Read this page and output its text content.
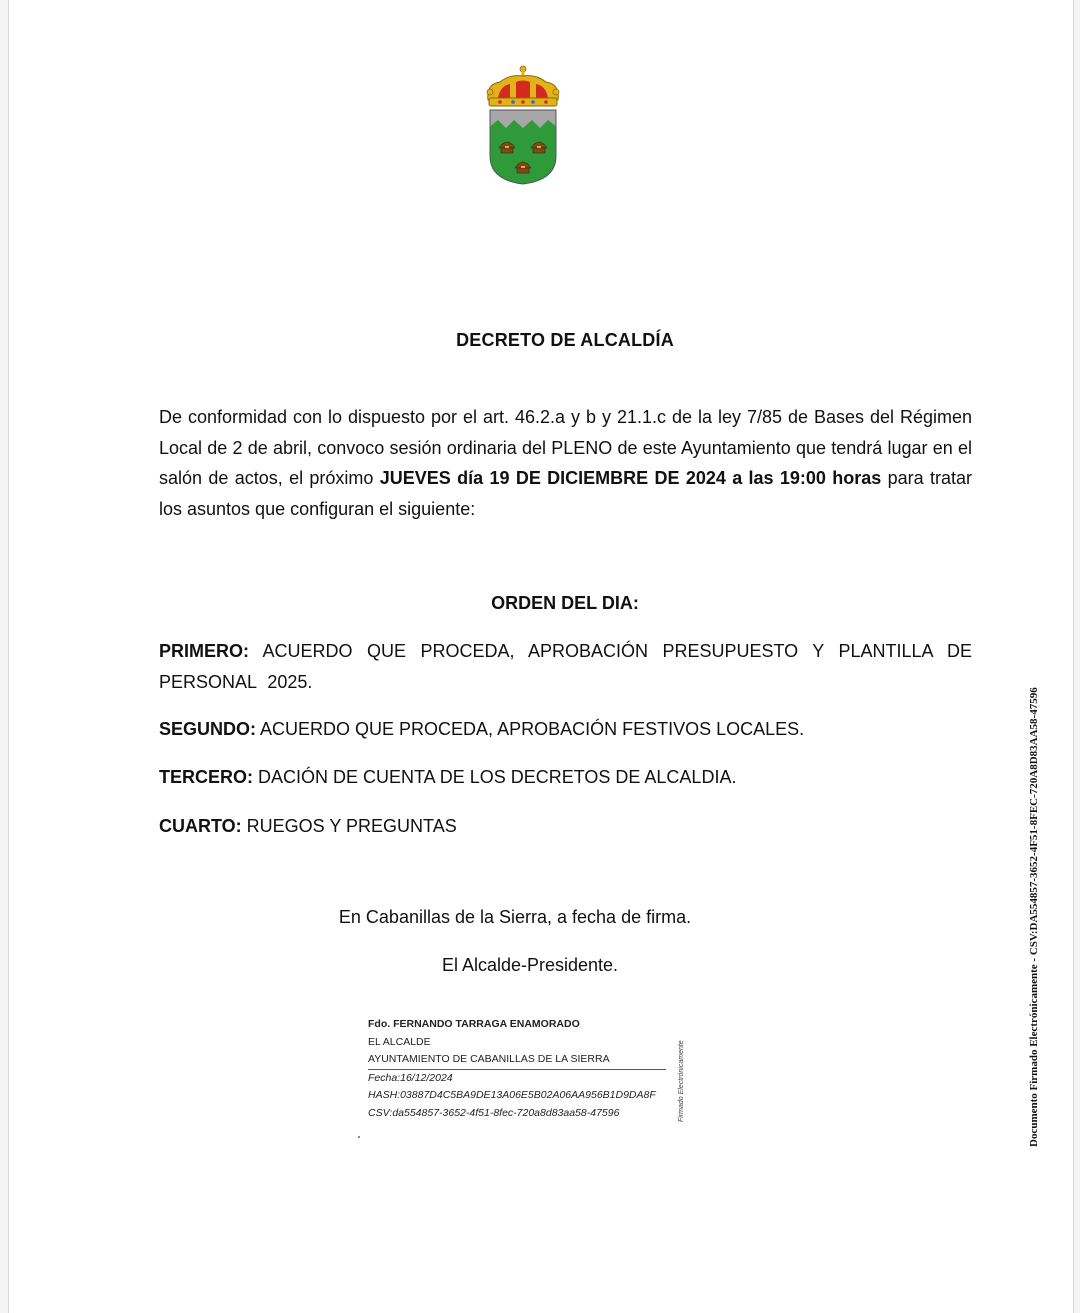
DECRETO DE ALCALDÍA
De conformidad con lo dispuesto por el art. 46.2.a y b y 21.1.c de la ley 7/85 de Bases del Régimen Local de 2 de abril, convoco sesión ordinaria del PLENO de este Ayuntamiento que tendrá lugar en el salón de actos, el próximo JUEVES día 19 DE DICIEMBRE DE 2024 a las 19:00 horas para tratar los asuntos que configuran el siguiente:
ORDEN DEL DIA:
PRIMERO: ACUERDO QUE PROCEDA, APROBACIÓN PRESUPUESTO Y PLANTILLA DE PERSONAL 2025.
SEGUNDO: ACUERDO QUE PROCEDA, APROBACIÓN FESTIVOS LOCALES.
TERCERO: DACIÓN DE CUENTA DE LOS DECRETOS DE ALCALDIA.
CUARTO: RUEGOS Y PREGUNTAS
En Cabanillas de la Sierra, a fecha de firma.
El Alcalde-Presidente.
Fdo. FERNANDO TARRAGA ENAMORADO
EL ALCALDE
AYUNTAMIENTO DE CABANILLAS DE LA SIERRA
Fecha:16/12/2024
HASH:03887D4C5BA9DE13A06E5B02A06AA956B1D9DA8F
CSV:da554857-3652-4f51-8fec-720a8d83aa58-47596	Firmado Electrónicamente	Documento Firmado Electrónicamente - CSV:DA554857-3652-4F51-8FEC-720A8D83AA58-47596
